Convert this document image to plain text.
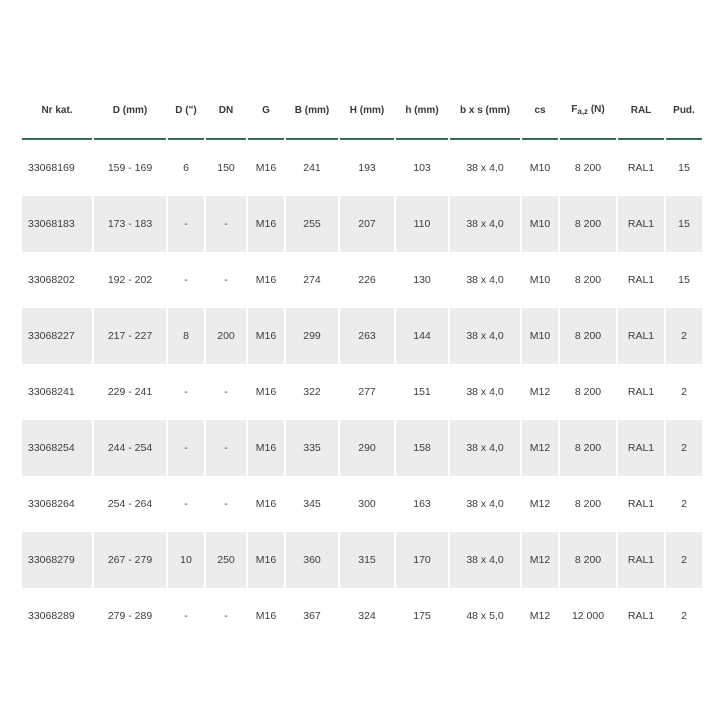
Nr kat.	D (mm)	D (")	DN	G	B (mm)	H (mm)	h (mm)	b x s (mm)	cs	$F_{a,z}$ (N)	RAL	Pud.
33068169	159 - 169	6	150	M16	241	193	103	38 x 4,0	M10	8 200	RAL1	15
33068183	173 - 183	-	-	M16	255	207	110	38 x 4,0	M10	8 200	RAL1	15
33068202	192 - 202	-	-	M16	274	226	130	38 x 4,0	M10	8 200	RAL1	15
33068227	217 - 227	8	200	M16	299	263	144	38 x 4,0	M10	8 200	RAL1	2
33068241	229 - 241	-	-	M16	322	277	151	38 x 4,0	M12	8 200	RAL1	2
33068254	244 - 254	-	-	M16	335	290	158	38 x 4,0	M12	8 200	RAL1	2
33068264	254 - 264	-	-	M16	345	300	163	38 x 4,0	M12	8 200	RAL1	2
33068279	267 - 279	10	250	M16	360	315	170	38 x 4,0	M12	8 200	RAL1	2
33068289	279 - 289	-	-	M16	367	324	175	48 x 5,0	M12	12 000	RAL1	2
